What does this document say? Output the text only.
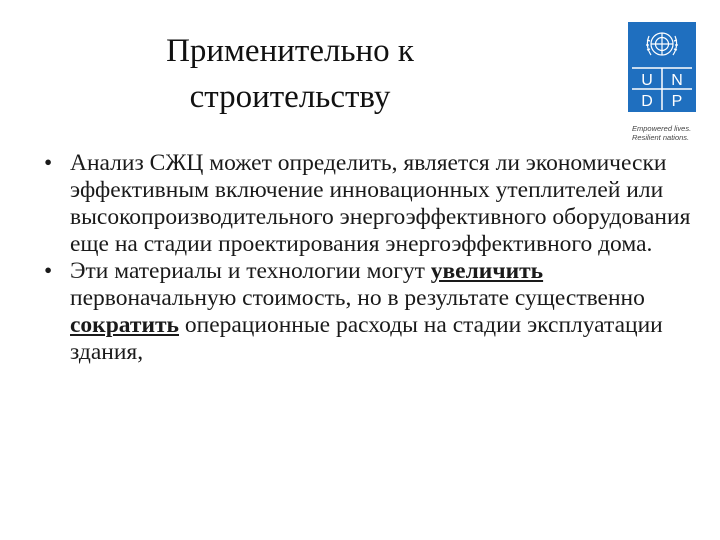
Применительно к
строительству	U N
D P
Empowered lives.
Resilient nations.
• Анализ СЖЦ может определить, является ли экономически эффективным включение инновационных утеплителей или высокопроизводительного энергоэффективного оборудования еще на стадии проектирования энергоэффективного дома.
• Эти материалы и технологии могут увеличить первоначальную стоимость, но в результате существенно сократить операционные расходы на стадии эксплуатации здания,
